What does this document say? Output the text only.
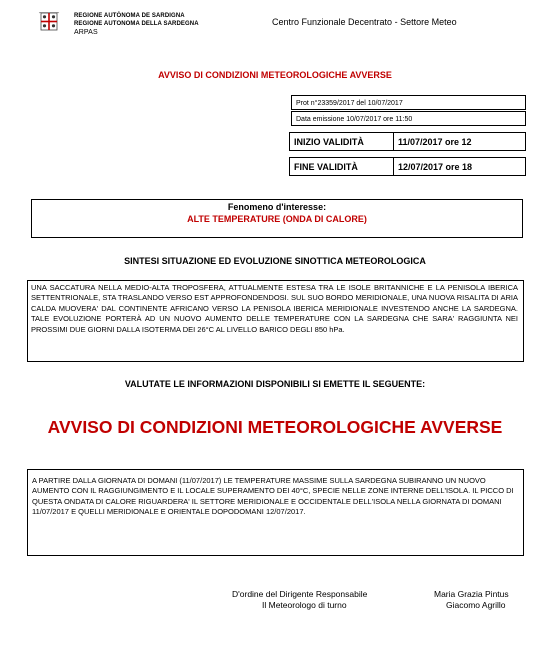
REGIONE AUTÒNOMA DE SARDIGNA
REGIONE AUTONOMA DELLA SARDEGNA
ARPAS
Centro Funzionale Decentrato - Settore Meteo
AVVISO DI CONDIZIONI METEOROLOGICHE AVVERSE
Prot n°23359/2017 del 10/07/2017
Data emissione 10/07/2017 ore 11:50
INIZIO VALIDITÀ	11/07/2017 ore 12
FINE VALIDITÀ	12/07/2017 ore 18
Fenomeno d'interesse:
ALTE TEMPERATURE (ONDA DI CALORE)
SINTESI SITUAZIONE ED EVOLUZIONE SINOTTICA METEOROLOGICA
UNA SACCATURA NELLA MEDIO-ALTA TROPOSFERA, ATTUALMENTE ESTESA TRA LE ISOLE BRITANNICHE E LA PENISOLA IBERICA SETTENTRIONALE, STA TRASLANDO VERSO EST APPROFONDENDOSI. SUL SUO BORDO MERIDIONALE, UNA NUOVA RISALITA DI ARIA CALDA MUOVERA' DAL CONTINENTE AFRICANO VERSO LA PENISOLA IBERICA MERIDIONALE INVESTENDO ANCHE LA SARDEGNA. TALE EVOLUZIONE PORTERÀ AD UN NUOVO AUMENTO DELLE TEMPERATURE CON LA SARDEGNA CHE SARA' RAGGIUNTA NEI PROSSIMI DUE GIORNI DALLA ISOTERMA DEI 26°C AL LIVELLO BARICO DEGLI 850 hPa.
VALUTATE LE INFORMAZIONI DISPONIBILI SI EMETTE IL SEGUENTE:
AVVISO DI CONDIZIONI METEOROLOGICHE AVVERSE
A PARTIRE DALLA GIORNATA DI DOMANI (11/07/2017) LE TEMPERATURE MASSIME SULLA SARDEGNA SUBIRANNO UN NUOVO AUMENTO CON IL RAGGIUNGIMENTO E IL LOCALE SUPERAMENTO DEI 40°C, SPECIE NELLE ZONE INTERNE DELL'ISOLA. IL PICCO DI QUESTA ONDATA DI CALORE RIGUARDERA' IL SETTORE MERIDIONALE E OCCIDENTALE DELL'ISOLA NELLA GIORNATA DI DOMANI 11/07/2017 E QUELLI MERIDIONALE E ORIENTALE DOPODOMANI 12/07/2017.
D'ordine del Dirigente Responsabile
Il Meteorologo di turno
Maria Grazia Pintus
Giacomo Agrillo
